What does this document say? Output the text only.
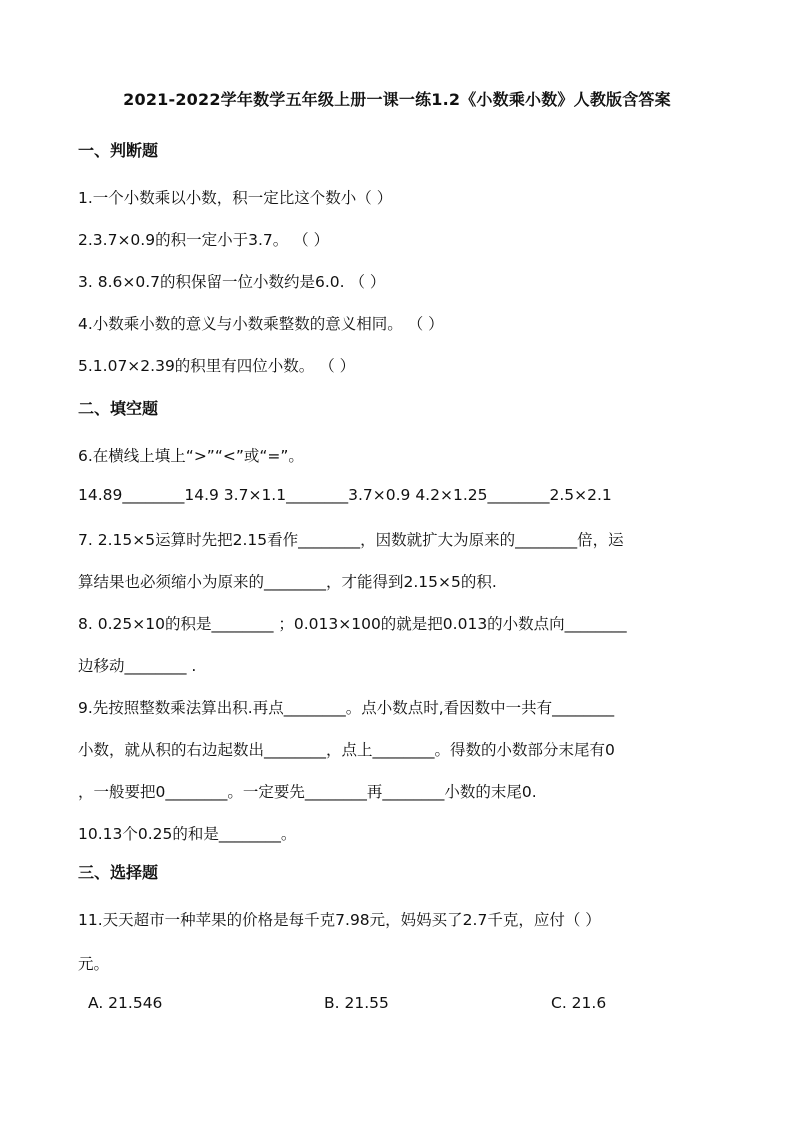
2021-2022学年数学五年级上册一课一练1.2《小数乘小数》人教版含答案
一、判断题
1.一个小数乘以小数，积一定比这个数小（ ）
2.3.7×0.9的积一定小于3.7。 （ ）
3. 8.6×0.7的积保留一位小数约是6.0. （ ）
4.小数乘小数的意义与小数乘整数的意义相同。 （ ）
5.1.07×2.39的积里有四位小数。 （ ）
二、填空题
6.在横线上填上“>”“<”或“=”。
14.89________14.9 3.7×1.1________3.7×0.9 4.2×1.25________2.5×2.1
7. 2.15×5运算时先把2.15看作________，因数就扩大为原来的________倍，运
算结果也必须缩小为原来的________，才能得到2.15×5的积.
8. 0.25×10的积是________ ；0.013×100的就是把0.013的小数点向________
边移动________ .
9.先按照整数乘法算出积.再点________。点小数点时,看因数中一共有________
小数，就从积的右边起数出________，点上________。得数的小数部分末尾有0
，一般要把0________。一定要先________再________小数的末尾0.
10.13个0.25的和是________。
三、选择题
11.天天超市一种苹果的价格是每千克7.98元，妈妈买了2.7千克，应付（ ）
元。
A. 21.546	B. 21.55	C. 21.6
